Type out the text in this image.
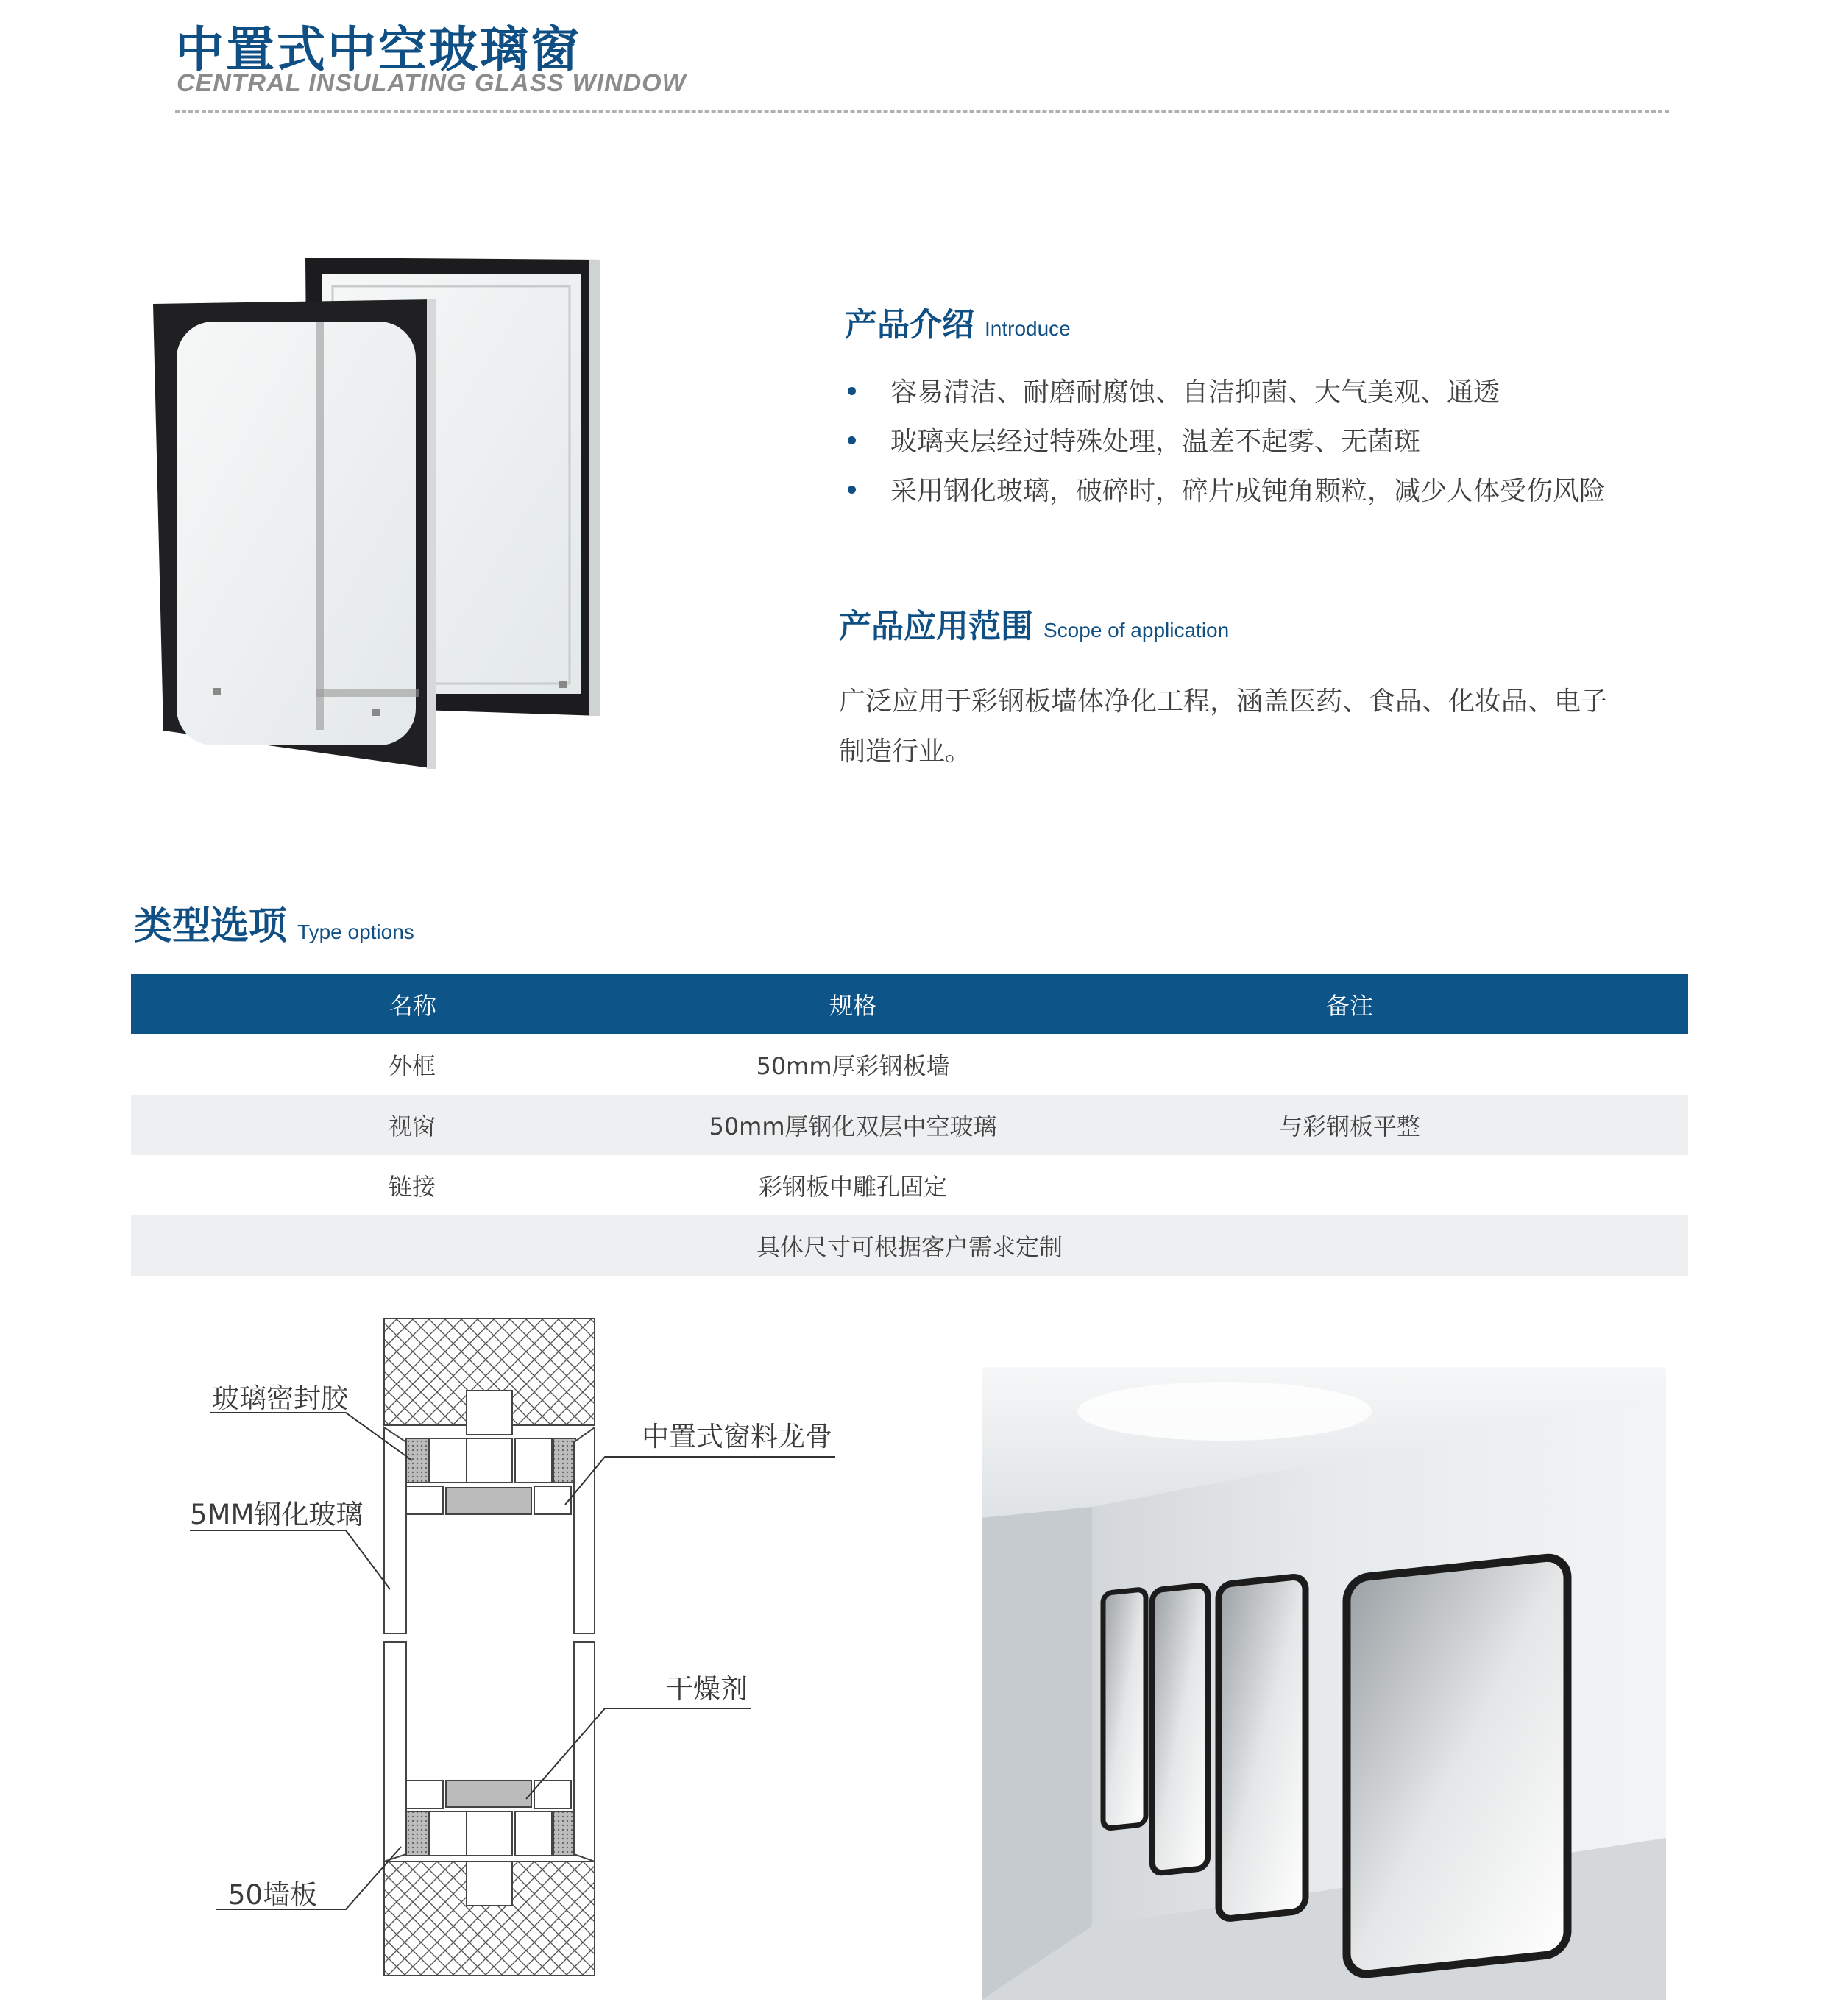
中置式中空玻璃窗
CENTRAL INSULATING GLASS WINDOW
产品介绍 Introduce
容易清洁、耐磨耐腐蚀、自洁抑菌、大气美观、通透
玻璃夹层经过特殊处理，温差不起雾、无菌斑
采用钢化玻璃，破碎时，碎片成钝角颗粒，减少人体受伤风险
产品应用范围 Scope of application
广泛应用于彩钢板墙体净化工程，涵盖医药、食品、化妆品、电子
制造行业。
类型选项 Type options
名称	规格	备注
外框	50mm厚彩钢板墙	
视窗	50mm厚钢化双层中空玻璃	与彩钢板平整
链接	彩钢板中雕孔固定	
具体尺寸可根据客户需求定制		
玻璃密封胶
5MM钢化玻璃
50墙板
中置式窗料龙骨
干燥剂
